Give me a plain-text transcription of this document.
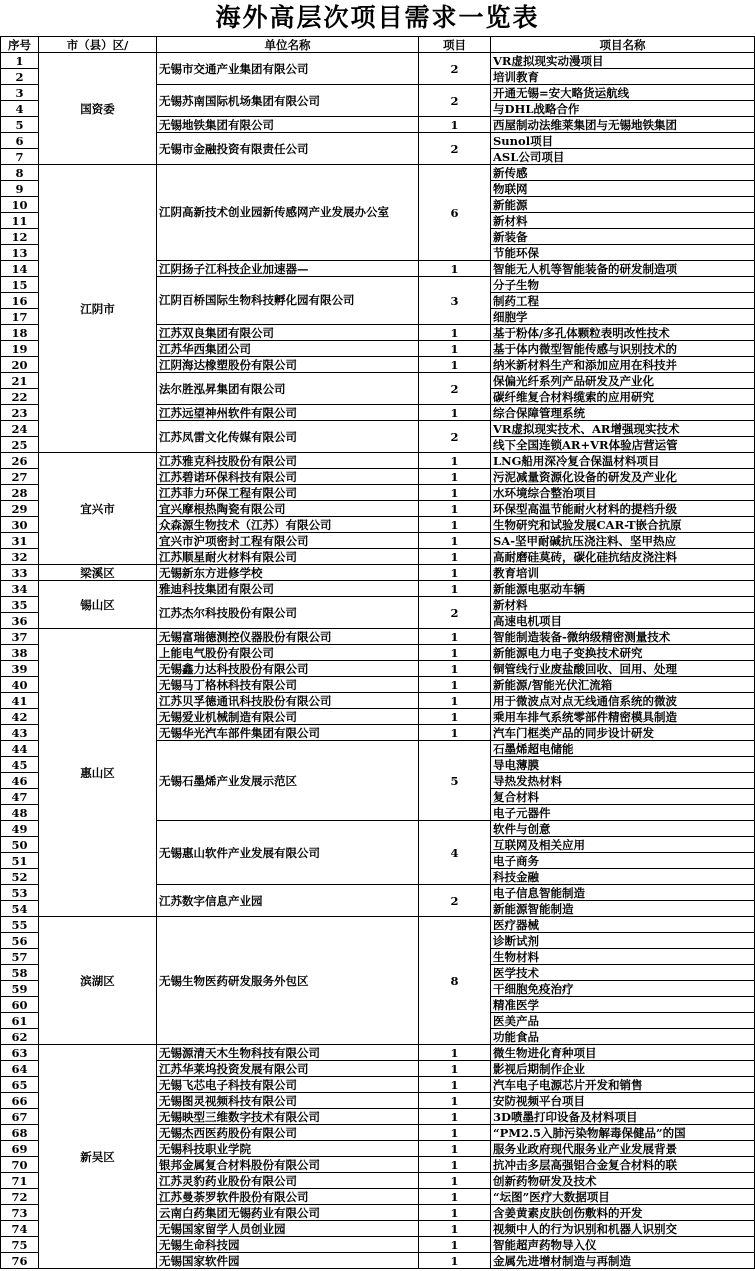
海外高层次项目需求一览表
序号	市（县）区/	单位名称	项目	项目名称
1	国资委	无锡市交通产业集团有限公司	2	VR虚拟现实动漫项目
2				培训教育
3		无锡苏南国际机场集团有限公司	2	开通无锡=安大略货运航线
4				与DHL战略合作
5		无锡地铁集团有限公司	1	西屋制动法维莱集团与无锡地铁集团
6		无锡市金融投资有限责任公司	2	Sunol项目
7				ASL公司项目
8	江阴市	江阴高新技术创业园新传感网产业发展办公室	6	新传感
9				物联网
10				新能源
11				新材料
12				新装备
13				节能环保
14		江阴扬子江科技企业加速器—	1	智能无人机等智能装备的研发制造项
15		江阴百桥国际生物科技孵化园有限公司	3	分子生物
16				制药工程
17				细胞学
18		江苏双良集团有限公司	1	基于粉体/多孔体颗粒表明改性技术
19		江苏华西集团公司	1	基于体内微型智能传感与识别技术的
20		江阴海达橡塑股份有限公司	1	纳米新材料生产和添加应用在科技并
21		法尔胜泓昇集团有限公司	2	保偏光纤系列产品研发及产业化
22				碳纤维复合材料缆索的应用研究
23		江苏远望神州软件有限公司	1	综合保障管理系统
24		江苏凤雷文化传媒有限公司	2	VR虚拟现实技术、AR增强现实技术
25				线下全国连锁AR+VR体验店营运管
26	宜兴市	江苏雅克科技股份有限公司	1	LNG船用深冷复合保温材料项目
27		江苏碧诺环保科技有限公司	1	污泥减量资源化设备的研发及产业化
28		江苏菲力环保工程有限公司	1	水环境综合整治项目
29		宜兴摩根热陶瓷有限公司	1	环保型高温节能耐火材料的提档升级
30		众森源生物技术（江苏）有限公司	1	生物研究和试验发展CAR-T嵌合抗原
31		宜兴市沪项密封工程有限公司	1	SA-坚甲耐碱抗压浇注料、坚甲热应
32		江苏顺星耐火材料有限公司	1	高耐磨硅莫砖，碳化硅抗结皮浇注料
33	梁溪区	无锡新东方进修学校	1	教育培训
34	锡山区	雅迪科技集团有限公司	1	新能源电驱动车辆
35		江苏杰尔科技股份有限公司	2	新材料
36				高速电机项目
37	惠山区	无锡富瑞德测控仪器股份有限公司	1	智能制造装备-微纳级精密测量技术
38		上能电气股份有限公司	1	新能源电力电子变换技术研究
39		无锡鑫力达科技股份有限公司	1	铜管线行业废盐酸回收、回用、处理
40		无锡马丁格林科技有限公司	1	新能源/智能光伏汇流箱
41		江苏贝孚德通讯科技股份有限公司	1	用于微波点对点无线通信系统的微波
42		无锡爱业机械制造有限公司	1	乘用车排气系统零部件精密模具制造
43		无锡华光汽车部件集团有限公司	1	汽车门框类产品的同步设计研发
44		无锡石墨烯产业发展示范区	5	石墨烯超电储能
45				导电薄膜
46				导热发热材料
47				复合材料
48				电子元器件
49		无锡惠山软件产业发展有限公司	4	软件与创意
50				互联网及相关应用
51				电子商务
52				科技金融
53		江苏数字信息产业园	2	电子信息智能制造
54				新能源智能制造
55	滨湖区	无锡生物医药研发服务外包区	8	医疗器械
56				诊断试剂
57				生物材料
58				医学技术
59				干细胞免疫治疗
60				精准医学
61				医美产品
62				功能食品
63	新吴区	无锡源清天木生物科技有限公司	1	微生物进化育种项目
64		江苏华莱坞投资发展有限公司	1	影视后期制作企业
65		无锡飞芯电子科技有限公司	1	汽车电子电源芯片开发和销售
66		无锡图灵视频科技有限公司	1	安防视频平台项目
67		无锡映型三维数字技术有限公司	1	3D喷墨打印设备及材料项目
68		无锡杰西医药股份有限公司	1	“PM2.5入肺污染物解毒保健品”的国
69		无锡科技职业学院	1	服务业政府现代服务业产业发展背景
70		银邦金属复合材料股份有限公司	1	抗冲击多层高强铝合金复合材料的联
71		江苏灵豹药业股份有限公司	1	创新药物研发及技术
72		江苏曼荼罗软件股份有限公司	1	“坛图”医疗大数据项目
73		云南白药集团无锡药业有限公司	1	含姜黄素皮肤创伤敷料的开发
74		无锡国家留学人员创业园	1	视频中人的行为识别和机器人识别交
75		无锡生命科技园	1	智能超声药物导入仪
76		无锡国家软件园	1	金属先进增材制造与再制造
